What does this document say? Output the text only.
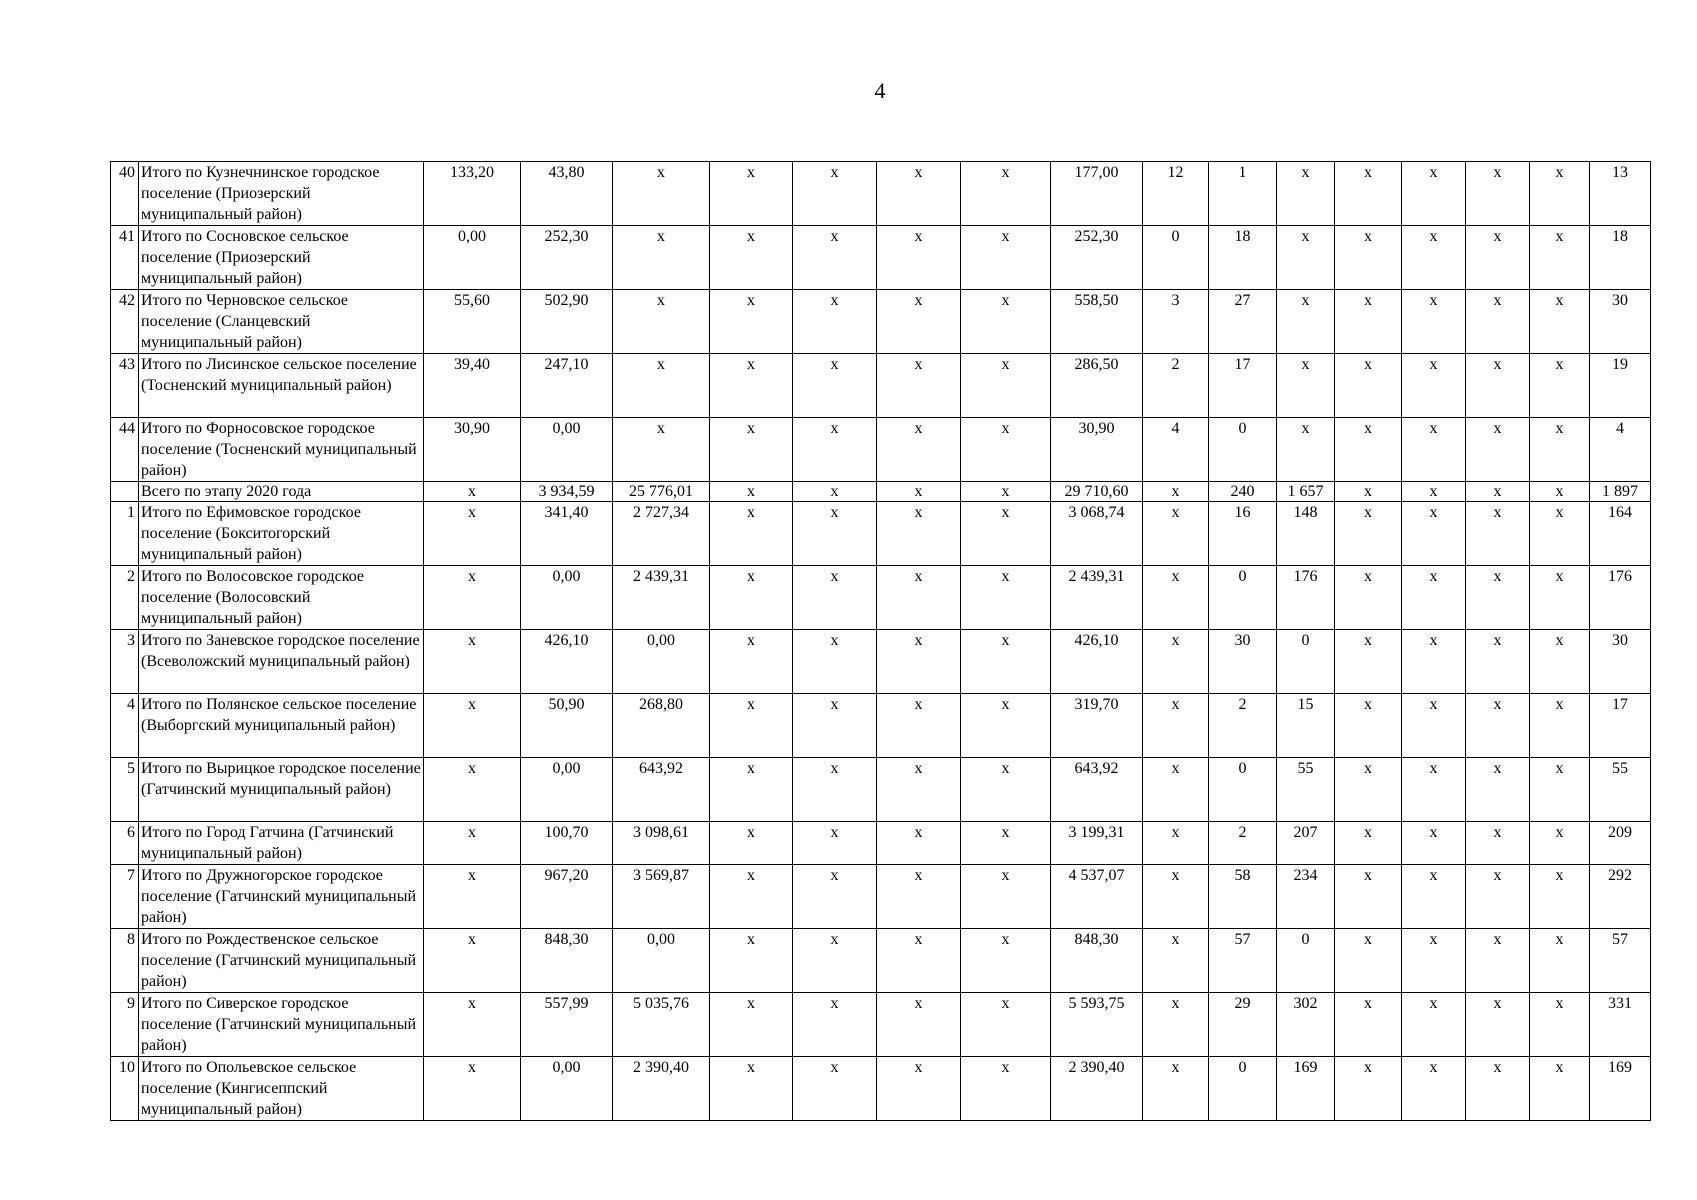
4
40	Итого по Кузнечнинское городское поселение (Приозерский муниципальный район)	133,20	43,80	x	x	x	x	x	177,00	12	1	x	x	x	x	x	13
41	Итого по Сосновское сельское поселение (Приозерский муниципальный район)	0,00	252,30	x	x	x	x	x	252,30	0	18	x	x	x	x	x	18
42	Итого по Черновское сельское поселение (Сланцевский муниципальный район)	55,60	502,90	x	x	x	x	x	558,50	3	27	x	x	x	x	x	30
43	Итого по Лисинское сельское поселение (Тосненский муниципальный район)	39,40	247,10	x	x	x	x	x	286,50	2	17	x	x	x	x	x	19
44	Итого по Форносовское городское поселение (Тосненский муниципальный район)	30,90	0,00	x	x	x	x	x	30,90	4	0	x	x	x	x	x	4
	Всего по этапу 2020 года	x	3 934,59	25 776,01	x	x	x	x	29 710,60	x	240	1 657	x	x	x	x	1 897
1	Итого по Ефимовское городское поселение (Бокситогорский муниципальный район)	x	341,40	2 727,34	x	x	x	x	3 068,74	x	16	148	x	x	x	x	164
2	Итого по Волосовское городское поселение (Волосовский муниципальный район)	x	0,00	2 439,31	x	x	x	x	2 439,31	x	0	176	x	x	x	x	176
3	Итого по Заневское городское поселение (Всеволожский муниципальный район)	x	426,10	0,00	x	x	x	x	426,10	x	30	0	x	x	x	x	30
4	Итого по Полянское сельское поселение (Выборгский муниципальный район)	x	50,90	268,80	x	x	x	x	319,70	x	2	15	x	x	x	x	17
5	Итого по Вырицкое городское поселение (Гатчинский муниципальный район)	x	0,00	643,92	x	x	x	x	643,92	x	0	55	x	x	x	x	55
6	Итого по Город Гатчина (Гатчинский муниципальный район)	x	100,70	3 098,61	x	x	x	x	3 199,31	x	2	207	x	x	x	x	209
7	Итого по Дружногорское городское поселение (Гатчинский муниципальный район)	x	967,20	3 569,87	x	x	x	x	4 537,07	x	58	234	x	x	x	x	292
8	Итого по Рождественское сельское поселение (Гатчинский муниципальный район)	x	848,30	0,00	x	x	x	x	848,30	x	57	0	x	x	x	x	57
9	Итого по Сиверское городское поселение (Гатчинский муниципальный район)	x	557,99	5 035,76	x	x	x	x	5 593,75	x	29	302	x	x	x	x	331
10	Итого по Опольевское сельское поселение (Кингисеппский муниципальный район)	x	0,00	2 390,40	x	x	x	x	2 390,40	x	0	169	x	x	x	x	169
